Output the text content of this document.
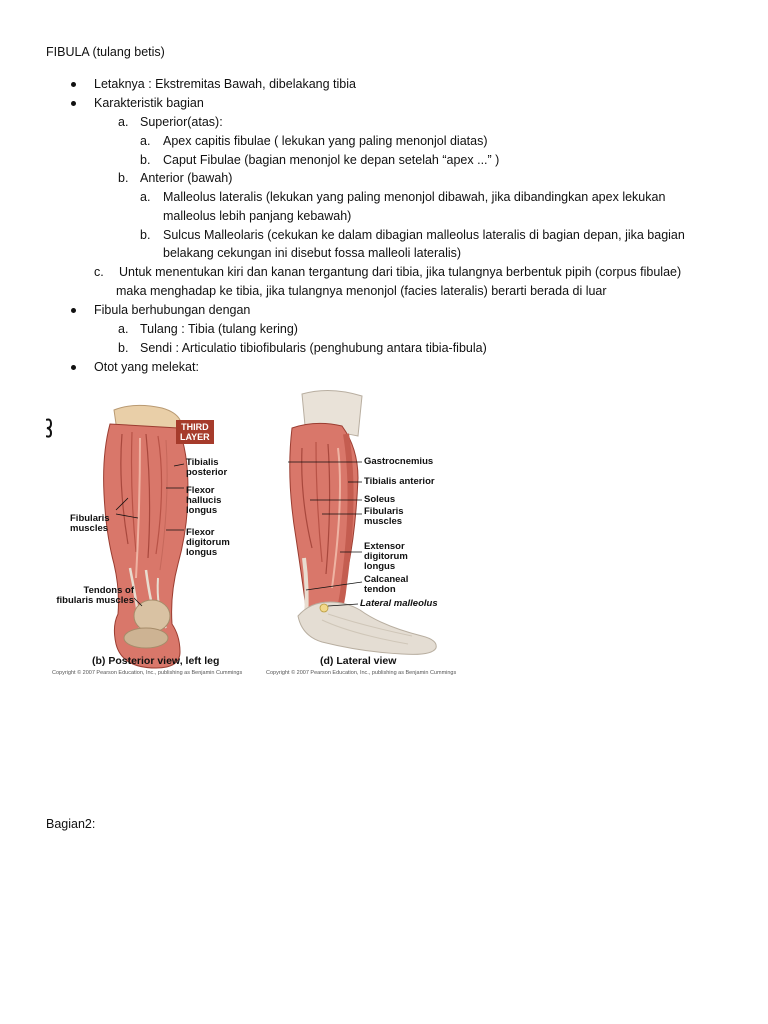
FIBULA (tulang betis)
Letaknya : Ekstremitas Bawah, dibelakang tibia
Karakteristik bagian
a. Superior(atas):
a. Apex capitis fibulae ( lekukan yang paling menonjol diatas)
b. Caput Fibulae (bagian menonjol ke depan setelah “apex ...” )
b. Anterior (bawah)
a. Malleolus lateralis (lekukan yang paling menonjol dibawah, jika dibandingkan apex lekukan
malleolus lebih panjang kebawah)
b. Sulcus Malleolaris (cekukan ke dalam dibagian malleolus lateralis di bagian depan, jika bagian
belakang cekungan ini disebut fossa malleoli lateralis)
c. Untuk menentukan kiri dan kanan tergantung dari tibia, jika tulangnya berbentuk pipih (corpus fibulae)
maka menghadap ke tibia, jika tulangnya menonjol (facies lateralis) berarti berada di luar
Fibula berhubungan dengan
a. Tulang : Tibia (tulang kering)
b. Sendi : Articulatio tibiofibularis (penghubung antara tibia-fibula)
Otot yang melekat:
THIRD
LAYER
Tibialis
posterior
Flexor
hallucis
longus
Fibularis
muscles	Flexor
digitorum
longus
Tendons of
fibularis muscles
(b) Posterior view, left leg
Copyright © 2007 Pearson Education, Inc., publishing as Benjamin Cummings
Gastrocnemius
Tibialis anterior
Soleus
Fibularis
muscles
Extensor
digitorum
longus
Calcaneal
tendon
Lateral malleolus
(d) Lateral view
Copyright © 2007 Pearson Education, Inc., publishing as Benjamin Cummings
Bagian2:
